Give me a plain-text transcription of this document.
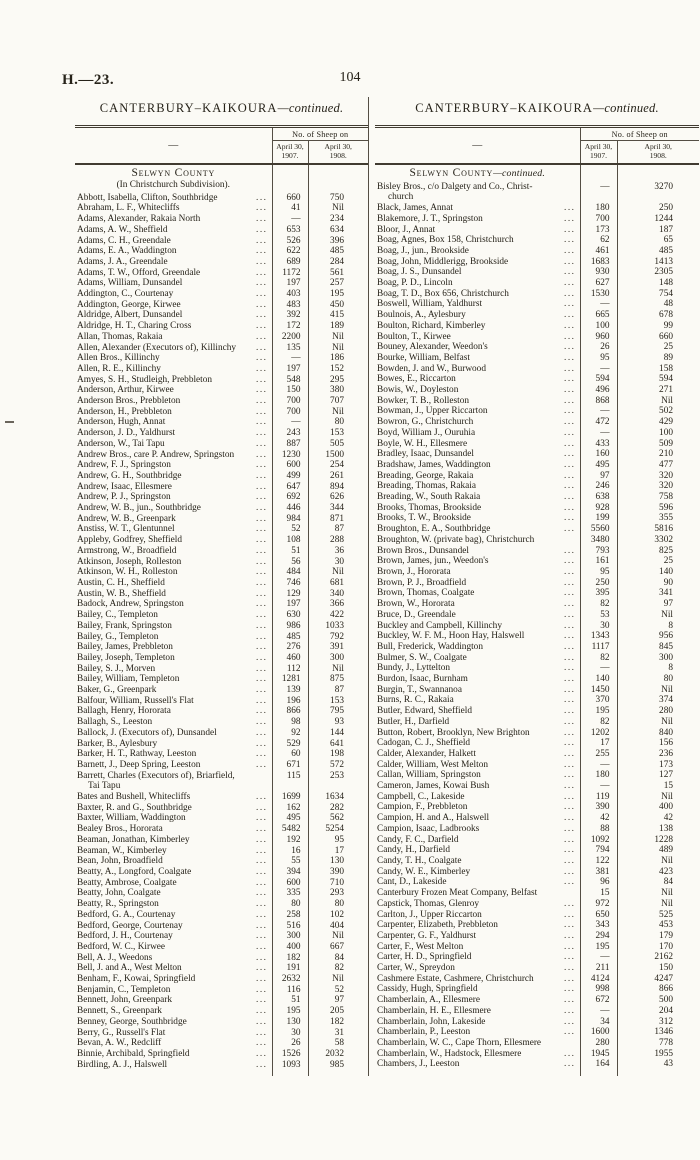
H.—23.	104
CANTERBURY–KAIKOURA—continued.
—	No. of Sheep on	
	April 30,
1907.	April 30,
1908.

Selwyn County
(In Christchurch Subdivision).		

Abbott, Isabella, Clifton, Southbridge ...	660	750

Abraham, L. F., Whitecliffs ...	41	Nil

Adams, Alexander, Rakaia North ...	—	234

Adams, A. W., Sheffield ...	653	634

Adams, C. H., Greendale ...	526	396

Adams, E. A., Waddington ...	622	485

Adams, J. A., Greendale ...	689	284

Adams, T. W., Offord, Greendale ...	1172	561

Adams, William, Dunsandel ...	197	257

Addington, C., Courtenay ...	403	195

Addington, George, Kirwee ...	483	450

Aldridge, Albert, Dunsandel ...	392	415

Aldridge, H. T., Charing Cross ...	172	189

Allan, Thomas, Rakaia ...	2200	Nil

Allen, Alexander (Executors of), Killinchy ...	135	Nil

Allen Bros., Killinchy ...	—	186

Allen, R. E., Killinchy ...	197	152

Amyes, S. H., Studleigh, Prebbleton ...	548	295

Anderson, Arthur, Kirwee ...	150	380

Anderson Bros., Prebbleton ...	700	707

Anderson, H., Prebbleton ...	700	Nil

Anderson, Hugh, Annat ...	—	80

Anderson, J. D., Yaldhurst ...	243	153

Anderson, W., Tai Tapu ...	887	505

Andrew Bros., care P. Andrew, Springston ...	1230	1500

Andrew, F. J., Springston ...	600	254

Andrew, G. H., Southbridge ...	499	261

Andrew, Isaac, Ellesmere ...	647	894

Andrew, P. J., Springston ...	692	626

Andrew, W. B., jun., Southbridge ...	446	344

Andrew, W. B., Greenpark ...	984	871

Anstiss, W. T., Glentunnel ...	52	87

Appleby, Godfrey, Sheffield ...	108	288

Armstrong, W., Broadfield ...	51	36

Atkinson, Joseph, Rolleston ...	56	30

Atkinson, W. H., Rolleston ...	484	Nil

Austin, C. H., Sheffield ...	746	681

Austin, W. B., Sheffield ...	129	340

Badock, Andrew, Springston ...	197	366

Bailey, C., Templeton ...	630	422

Bailey, Frank, Springston ...	986	1033

Bailey, G., Templeton ...	485	792

Bailey, James, Prebbleton ...	276	391

Bailey, Joseph, Templeton ...	460	300

Bailey, S. J., Morven ...	112	Nil

Bailey, William, Templeton ...	1281	875

Baker, G., Greenpark ...	139	87

Balfour, William, Russell's Flat ...	196	153

Ballagh, Henry, Hororata ...	866	795

Ballagh, S., Leeston ...	98	93

Ballock, J. (Executors of), Dunsandel ...	92	144

Barker, B., Aylesbury ...	529	641

Barker, H. T., Rathway, Leeston ...	60	198

Barnett, J., Deep Spring, Leeston ...	671	572

Barrett, Charles (Executors of), Briarfield,
Tai Tapu	115	253

Bates and Bushell, Whitecliffs ...	1699	1634

Baxter, R. and G., Southbridge ...	162	282

Baxter, William, Waddington ...	495	562

Bealey Bros., Hororata ...	5482	5254

Beaman, Jonathan, Kimberley ...	192	95

Beaman, W., Kimberley ...	16	17

Bean, John, Broadfield ...	55	130

Beatty, A., Longford, Coalgate ...	394	390

Beatty, Ambrose, Coalgate ...	600	710

Beatty, John, Coalgate ...	335	293

Beatty, R., Springston ...	80	80

Bedford, G. A., Courtenay ...	258	102

Bedford, George, Courtenay ...	516	404

Bedford, J. H., Courtenay ...	300	Nil

Bedford, W. C., Kirwee ...	400	667

Bell, A. J., Weedons ...	182	84

Bell, J. and A., West Melton ...	191	82

Benham, F., Kowai, Springfield ...	2632	Nil

Benjamin, C., Templeton ...	116	52

Bennett, John, Greenpark ...	51	97

Bennett, S., Greenpark ...	195	205

Benney, George, Southbridge ...	130	182

Berry, G., Russell's Flat ...	30	31

Bevan, A. W., Redcliff ...	26	58

Binnie, Archibald, Springfield ...	1526	2032

Birdling, A. J., Halswell ...	1093	985

CANTERBURY–KAIKOURA—continued.
—	No. of Sheep on	
	April 30,
1907.	April 30,
1908.

Selwyn County—continued.		

Bisley Bros., c/o Dalgety and Co., Christ-
church	—	3270

Black, James, Annat ...	180	250

Blakemore, J. T., Springston ...	700	1244

Bloor, J., Annat ...	173	187

Boag, Agnes, Box 158, Christchurch ...	62	65

Boag, J., jun., Brookside ...	461	485

Boag, John, Middlerigg, Brookside ...	1683	1413

Boag, J. S., Dunsandel ...	930	2305

Boag, P. D., Lincoln ...	627	148

Boag, T. D., Box 656, Christchurch ...	1530	754

Boswell, William, Yaldhurst ...	—	48

Boulnois, A., Aylesbury ...	665	678

Boulton, Richard, Kimberley ...	100	99

Boulton, T., Kirwee ...	960	660

Bouney, Alexander, Weedon's ...	26	25

Bourke, William, Belfast ...	95	89

Bowden, J. and W., Burwood ...	—	158

Bowes, E., Riccarton ...	594	594

Bowis, W., Doyleston ...	496	271

Bowker, T. B., Rolleston ...	868	Nil

Bowman, J., Upper Riccarton ...	—	502

Bowron, G., Christchurch ...	472	429

Boyd, William J., Ouruhia ...	—	100

Boyle, W. H., Ellesmere ...	433	509

Bradley, Isaac, Dunsandel ...	160	210

Bradshaw, James, Waddington ...	495	477

Breading, George, Rakaia ...	97	320

Breading, Thomas, Rakaia ...	246	320

Breading, W., South Rakaia ...	638	758

Brooks, Thomas, Brookside ...	928	596

Brooks, T. W., Brookside ...	199	355

Broughton, E. A., Southbridge ...	5560	5816

Broughton, W. (private bag), Christchurch	3480	3302

Brown Bros., Dunsandel ...	793	825

Brown, James, jun., Weedon's ...	161	25

Brown, J., Hororata ...	95	140

Brown, P. J., Broadfield ...	250	90

Brown, Thomas, Coalgate ...	395	341

Brown, W., Hororata ...	82	97

Bruce, D., Greendale ...	53	Nil

Buckley and Campbell, Killinchy ...	30	8

Buckley, W. F. M., Hoon Hay, Halswell ...	1343	956

Bull, Frederick, Waddington ...	1117	845

Bulmer, S. W., Coalgate ...	82	300

Bundy, J., Lyttelton ...	—	8

Burdon, Isaac, Burnham ...	140	80

Burgin, T., Swannanoa ...	1450	Nil

Burns, R. C., Rakaia ...	370	374

Butler, Edward, Sheffield ...	195	280

Butler, H., Darfield ...	82	Nil

Button, Robert, Brooklyn, New Brighton ...	1202	840

Cadogan, C. J., Sheffield ...	17	156

Calder, Alexander, Halkett ...	255	236

Calder, William, West Melton ...	—	173

Callan, William, Springston ...	180	127

Cameron, James, Kowai Bush ...	—	15

Campbell, C., Lakeside ...	119	Nil

Campion, F., Prebbleton ...	390	400

Campion, H. and A., Halswell ...	42	42

Campion, Isaac, Ladbrooks ...	88	138

Candy, F. C., Darfield ...	1092	1228

Candy, H., Darfield ...	794	489

Candy, T. H., Coalgate ...	122	Nil

Candy, W. E., Kimberley ...	381	423

Cant, D., Lakeside ...	96	84

Canterbury Frozen Meat Company, Belfast	15	Nil

Capstick, Thomas, Glenroy ...	972	Nil

Carlton, J., Upper Riccarton ...	650	525

Carpenter, Elizabeth, Prebbleton ...	343	453

Carpenter, G. F., Yaldhurst ...	294	179

Carter, F., West Melton ...	195	170

Carter, H. D., Springfield ...	—	2162

Carter, W., Spreydon ...	211	150

Cashmere Estate, Cashmere, Christchurch ...	4124	4247

Cassidy, Hugh, Springfield ...	998	866

Chamberlain, A., Ellesmere ...	672	500

Chamberlain, H. E., Ellesmere ...	—	204

Chamberlain, John, Lakeside ...	34	312

Chamberlain, P., Leeston ...	1600	1346

Chamberlain, W. C., Cape Thorn, Ellesmere	280	778

Chamberlain, W., Hadstock, Ellesmere ...	1945	1955

Chambers, J., Leeston ...	164	43
